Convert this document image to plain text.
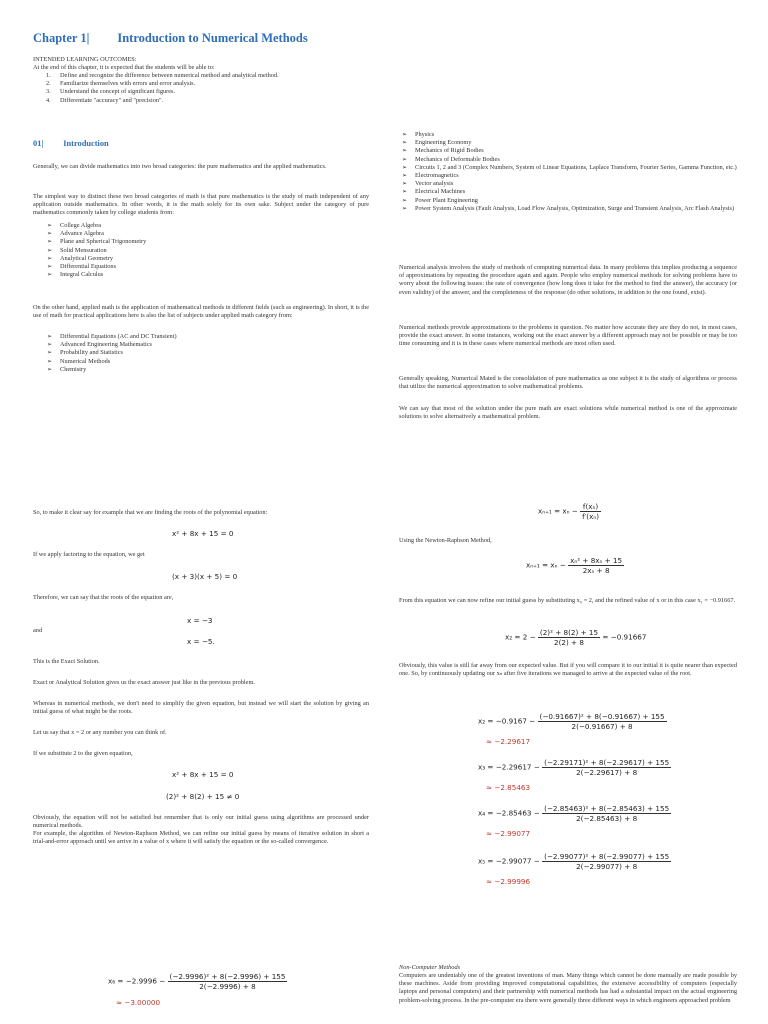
Chapter 1| Introduction to Numerical Methods
INTENDED LEARNING OUTCOMES:
At the end of this chapter, it is expected that the students will be able to:
1. Define and recognize the difference between numerical method and analytical method.
2. Familiarize themselves with errors and error analysis.
3. Understand the concept of significant figures.
4. Differentiate "accuracy" and "precision".
01| Introduction
Generally, we can divide mathematics into two broad categories: the pure mathematics and the applied mathematics.
The simplest way to distinct these two broad categories of math is that pure mathematics is the study of math independent of any application outside mathematics. In other words, it is the math solely for its own sake. Subject under the category of pure mathematics commonly taken by college students from:
➢ College Algebra
➢ Advance Algebra
➢ Plane and Spherical Trigonometry
➢ Solid Mensuration
➢ Analytical Geometry
➢ Differential Equations
➢ Integral Calculus
On the other hand, applied math is the application of mathematical methods in different fields (such as engineering). In short, it is the use of math for practical applications here is also the list of subjects under applied math category from:
➢ Differential Equations (AC and DC Transient)
➢ Advanced Engineering Mathematics
➢ Probability and Statistics
➢ Numerical Methods
➢ Chemistry
➢ Physics
➢ Engineering Economy
➢ Mechanics of Rigid Bodies
➢ Mechanics of Deformable Bodies
➢ Circuits 1, 2 and 3 (Complex Numbers, System of Linear Equations, Laplace Transform, Fourier Series, Gamma Function, etc.)
➢ Electromagnetics
➢ Vector analysis
➢ Electrical Machines
➢ Power Plant Engineering
➢ Power System Analysis (Fault Analysis, Load Flow Analysis, Optimization, Surge and Transient Analysis, Arc Flash Analysis)
Numerical analysis involves the study of methods of computing numerical data. In many problems this implies producing a sequence of approximations by repeating the procedure again and again. People who employ numerical methods for solving problems have to worry about the following issues: the rate of convergence (how long does it take for the method to find the answer), the accuracy (or even validity) of the answer, and the completeness of the response (do other solutions, in addition to the one found, exist).
Numerical methods provide approximations to the problems in question. No matter how accurate they are they do not, in most cases, provide the exact answer. In some instances, working out the exact answer by a different approach may not be possible or may be too time consuming and it is in these cases where numerical methods are most often used.
Generally speaking, Numerical Mated is the consolidation of pure mathematics as one subject it is the study of algorithms or process that utilize the numerical approximation to solve mathematical problems.
We can say that most of the solution under the pure math are exact solutions while numerical method is one of the approximate solutions to solve alternatively a mathematical problem.
So, to make it clear say for example that we are finding the roots of the polynomial equation:
x² + 8x + 15 = 0
If we apply factoring to the equation, we get
(x + 3)(x + 5) = 0
Therefore, we can say that the roots of the equation are,
x = −3
and
x = −5.
This is the Exact Solution.
Exact or Analytical Solution gives us the exact answer just like in the previous problem.
Whereas in numerical methods, we don't need to simplify the given equation, but instead we will start the solution by giving an initial guess of what might be the roots.
Let us say that x = 2 or any number you can think of.
If we substitute 2 to the given equation,
x² + 8x + 15 = 0
(2)² + 8(2) + 15 ≠ 0
Obviously, the equation will not be satisfied but remember that is only our initial guess using algorithms are processed under numerical methods.
For example, the algorithm of Newton-Raphson Method, we can refine our initial guess by means of iterative solution in short a trial-and-error approach until we arrive in a value of x where it will satisfy the equation or the so-called convergence.
$x_6 = -2.9996 - \frac{\text{(−2.9996)² + 8(−2.9996) + 155}}{2(-2.9996) + 8}$
≈ −3.00000
$x_{n+1} = x_n - \frac{\text{f(xₙ)}}{\text{f′(xₙ)}}$
Using the Newton-Raphson Method,
$x_{n+1} = x_n - \frac{\text{xₙ² + 8xₙ + 15}}{\text{2xₙ + 8}}$
From this equation we can now refine our initial guess by substituting x₀ = 2, and the refined value of x or in this case x₁ = −0.91667.
$x_2 = 2 - \frac{\text{(2)² + 8(2) + 15}}{2(2) + 8} = -0.91667$
Obviously, this value is still far away from our expected value. But if you will compare it to our initial it is quite nearer than expected one. So, by continuously updating our xₙ after five iterations we managed to arrive at the expected value of the root.
$x_2 = -0.9167 - \frac{\text{(−0.91667)² + 8(−0.91667) + 155}}{2(-0.91667) + 8}$
≈ −2.29617
$x_3 = -2.29617 - \frac{\text{(−2.29171)² + 8(−2.29617) + 155}}{2(-2.29617) + 8}$
≈ −2.85463
$x_4 = -2.85463 - \frac{\text{(−2.85463)² + 8(−2.85463) + 155}}{2(-2.85463) + 8}$
≈ −2.99077
$x_5 = -2.99077 - \frac{\text{(−2.99077)² + 8(−2.99077) + 155}}{2(-2.99077) + 8}$
≈ −2.99996
Non-Computer Methods
Computers are undeniably one of the greatest inventions of man. Many things which cannot be done manually are made possible by these machines. Aside from providing improved computational capabilities, the extensive accessibility of computers (especially laptops and personal computers) and their partnership with numerical methods has had a substantial impact on the actual engineering problem-solving process. In the pre-computer era there were generally three different ways in which engineers approached problem
